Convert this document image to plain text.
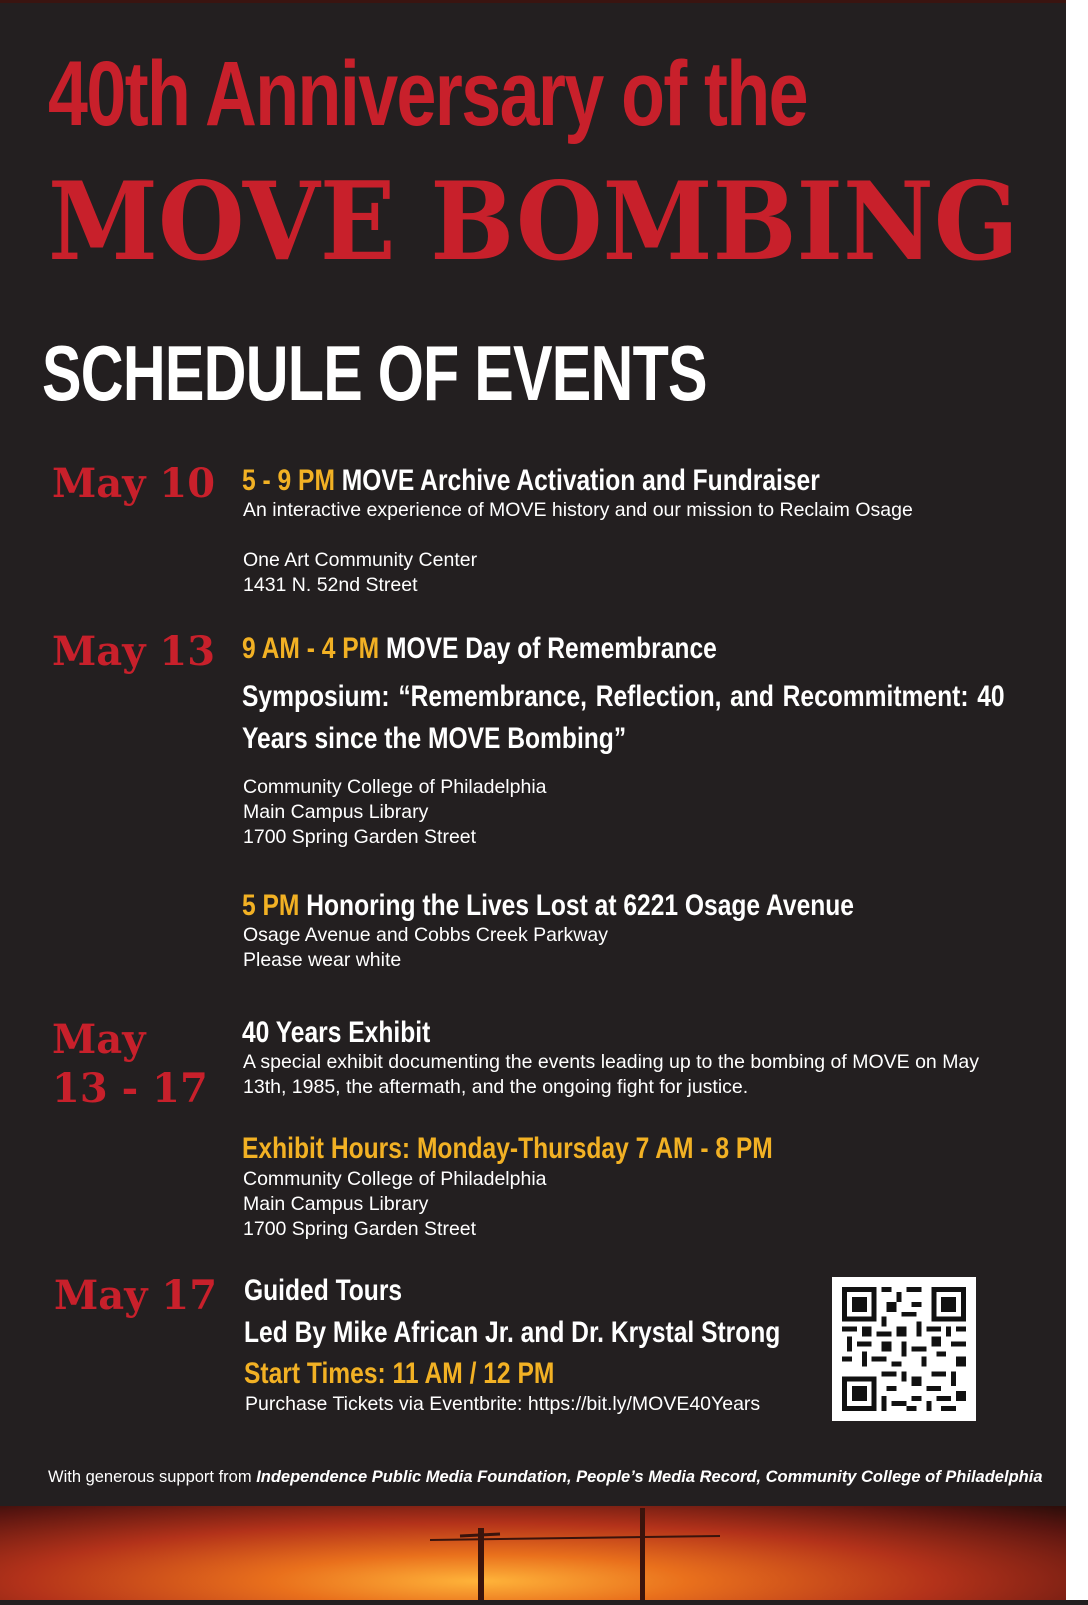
40th Anniversary of the
MOVE BOMBING
SCHEDULE OF EVENTS
May 10 5 - 9 PM MOVE Archive Activation and Fundraiser
An interactive experience of MOVE history and our mission to Reclaim Osage
One Art Community Center
1431 N. 52nd Street
May 13 9 AM - 4 PM MOVE Day of Remembrance
Symposium: “Remembrance, Reflection, and Recommitment: 40 Years since the MOVE Bombing”
Community College of Philadelphia
Main Campus Library
1700 Spring Garden Street
5 PM Honoring the Lives Lost at 6221 Osage Avenue
Osage Avenue and Cobbs Creek Parkway
Please wear white
May
13 - 17
40 Years Exhibit
A special exhibit documenting the events leading up to the bombing of MOVE on May
13th, 1985, the aftermath, and the ongoing fight for justice.
Exhibit Hours: Monday-Thursday 7 AM - 8 PM
Community College of Philadelphia
Main Campus Library
1700 Spring Garden Street
May 17 Guided Tours
Led By Mike African Jr. and Dr. Krystal Strong
Start Times: 11 AM / 12 PM
Purchase Tickets via Eventbrite: https://bit.ly/MOVE40Years
With generous support from Independence Public Media Foundation, People’s Media Record, Community College of Philadelphia
